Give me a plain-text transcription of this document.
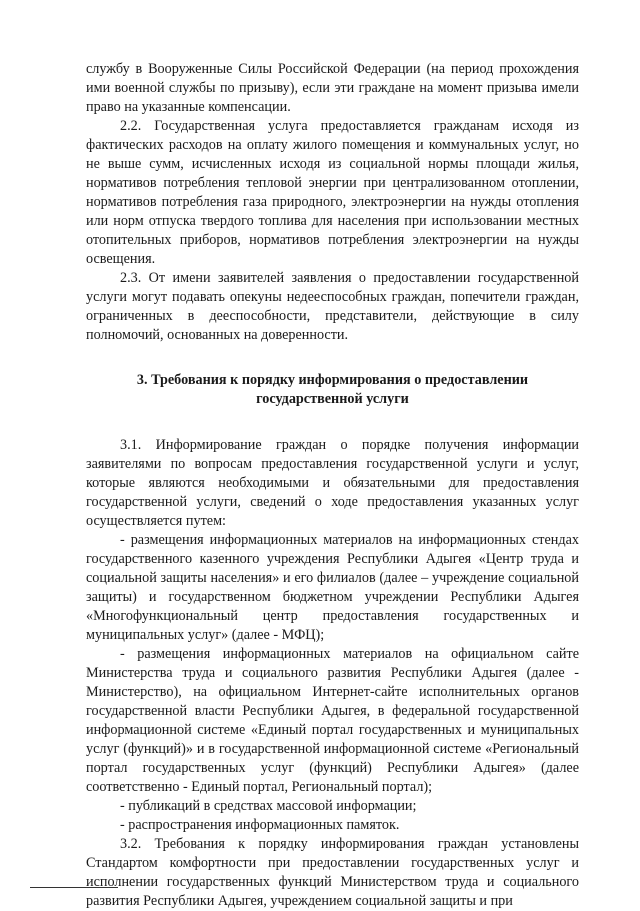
службу в Вооруженные Силы Российской Федерации (на период прохождения ими военной службы по призыву), если эти граждане на момент призыва имели право на указанные компенсации.

2.2. Государственная услуга предоставляется гражданам исходя из фактических расходов на оплату жилого помещения и коммунальных услуг, но не выше сумм, исчисленных исходя из социальной нормы площади жилья, нормативов потребления тепловой энергии при централизованном отоплении, нормативов потребления газа природного, электроэнергии на нужды отопления или норм отпуска твердого топлива для населения при использовании местных отопительных приборов, нормативов потребления электроэнергии на нужды освещения.

2.3. От имени заявителей заявления о предоставлении государственной услуги могут подавать опекуны недееспособных граждан, попечители граждан, ограниченных в дееспособности, представители, действующие в силу полномочий, основанных на доверенности.

3. Требования к порядку информирования о предоставлении государственной услуги

3.1. Информирование граждан о порядке получения информации заявителями по вопросам предоставления государственной услуги и услуг, которые являются необходимыми и обязательными для предоставления государственной услуги, сведений о ходе предоставления указанных услуг осуществляется путем:

- размещения информационных материалов на информационных стендах государственного казенного учреждения Республики Адыгея «Центр труда и социальной защиты населения» и его филиалов (далее – учреждение социальной защиты) и государственном бюджетном учреждении Республики Адыгея «Многофункциональный центр предоставления государственных и муниципальных услуг» (далее - МФЦ);

- размещения информационных материалов на официальном сайте Министерства труда и социального развития Республики Адыгея (далее - Министерство), на официальном Интернет-сайте исполнительных органов государственной власти Республики Адыгея, в федеральной государственной информационной системе «Единый портал государственных и муниципальных услуг (функций)» и в государственной информационной системе «Региональный портал государственных услуг (функций) Республики Адыгея» (далее соответственно - Единый портал, Региональный портал);

- публикаций в средствах массовой информации;

- распространения информационных памяток.

3.2. Требования к порядку информирования граждан установлены Стандартом комфортности при предоставлении государственных услуг и исполнении государственных функций Министерством труда и социального развития Республики Адыгея, учреждением социальной защиты и при
